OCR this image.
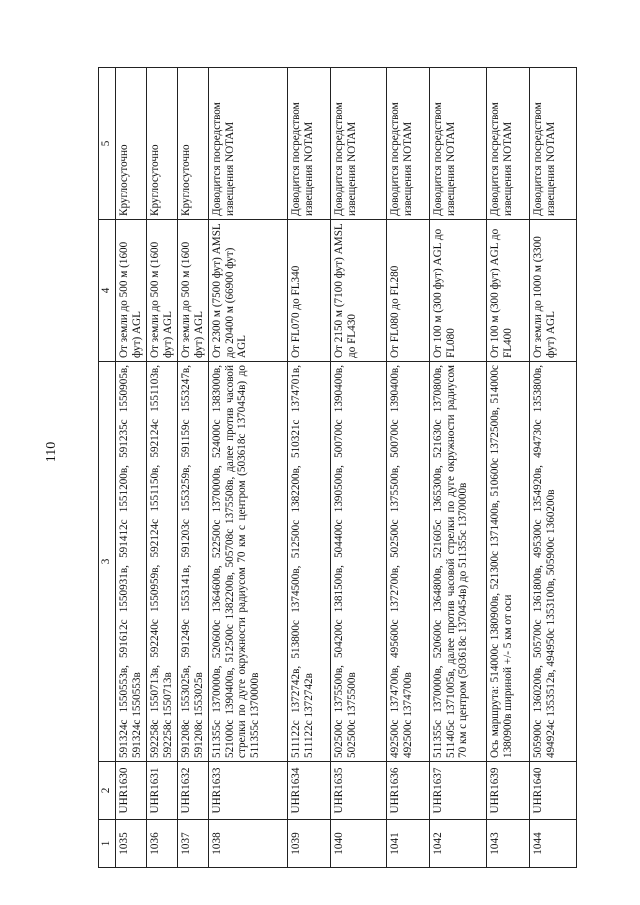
110
1	2	3	4	5
1035	UHR1630	591324с 1550553в, 591612с 1550931в, 591412с 1551200в, 591235с 1550905в, 591324с 1550553в	От земли до 500 м (1600 фут) AGL	Круглосуточно
1036	UHR1631	592258с 1550713в, 592240с 1550959в, 592124с 1551150в, 592124с 1551103в, 592258с 1550713в	От земли до 500 м (1600 фут) AGL	Круглосуточно
1037	UHR1632	591208с 1553025в, 591249с 1553141в, 591203с 1553259в, 591159с 1553247в, 591208с 1553025в	От земли до 500 м (1600 фут) AGL	Круглосуточно
1038	UHR1633	511355с 1370000в, 520600с 1364600в, 522500с 1370000в, 524000с 1383000в, 521000с 1390400в, 512500с 1382200в, 505708с 1375508в, далее против часовой стрелки по дуге окружности радиусом 70 км с центром (503618с 1370454в) до 511355с 1370000в	От 2300 м (7500 фут) AMSL до 20400 м (66900 фут) AGL	Доводится посредством извещения NOTAM
1039	UHR1634	511122с 1372742в, 513800с 1374500в, 512500с 1382200в, 510321с 1374701в, 511122с 1372742в	От FL070 до FL340	Доводится посредством извещения NOTAM
1040	UHR1635	502500с 1375500в, 504200с 1381500в, 504400с 1390500в, 500700с 1390400в, 502500с 1375500в	От 2150 м (7100 фут) AMSL до FL430	Доводится посредством извещения NOTAM
1041	UHR1636	492500с 1374700в, 495600с 1372700в, 502500с 1375500в, 500700с 1390400в, 492500с 1374700в	От FL080 до FL280	Доводится посредством извещения NOTAM
1042	UHR1637	511355с 1370000в, 520600с 1364800в, 521605с 1365300в, 521630с 1370800в, 511405с 1371005в, далее против часовой стрелки по дуге окружности радиусом 70 км с центром (503618с 1370454в) до 511355с 1370000в	От 100 м (300 фут) AGL до FL080	Доводится посредством извещения NOTAM
1043	UHR1639	Ось маршрута: 514000с 1380900в, 521300с 1371400в, 510600с 1372500в, 514000с 1380900в шириной +/- 5 км от оси	От 100 м (300 фут) AGL до FL400	Доводится посредством извещения NOTAM
1044	UHR1640	505900с 1360200в, 505700с 1361800в, 495300с 1354920в, 494730с 1353800в, 494924с 1353512в, 494950с 1353100в, 505900с 1360200в	От земли до 1000 м (3300 фут) AGL	Доводится посредством извещения NOTAM
